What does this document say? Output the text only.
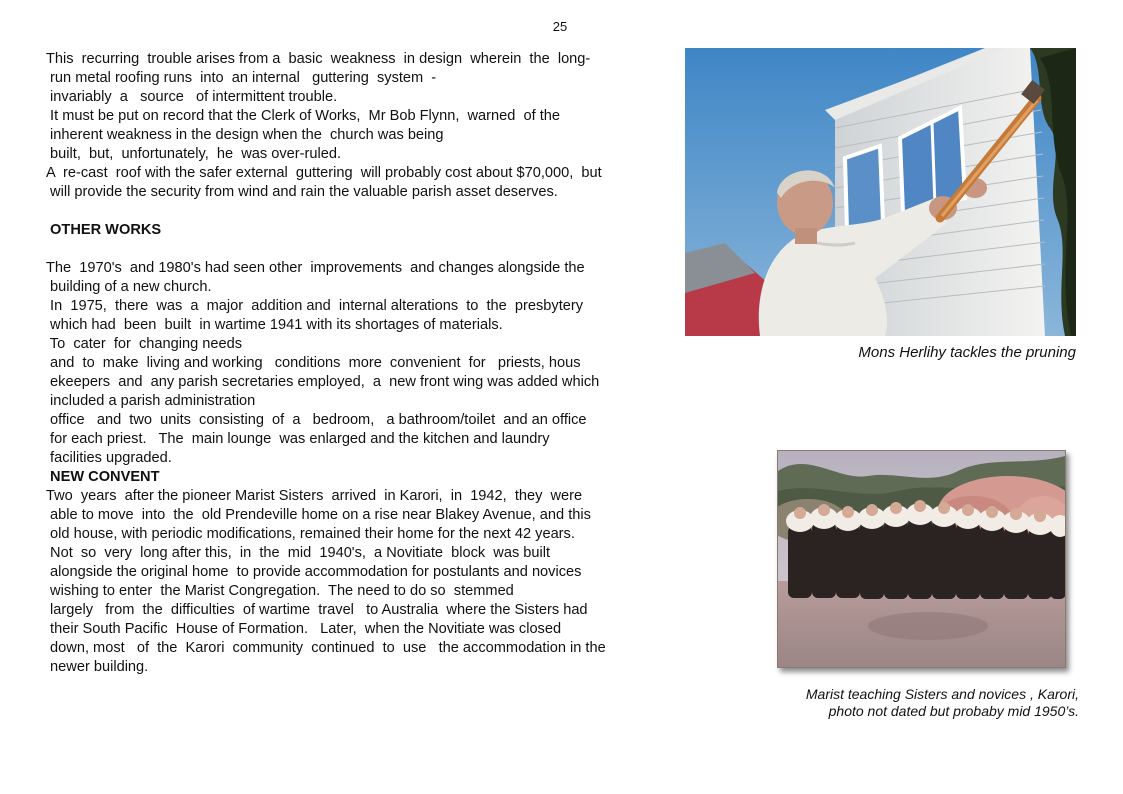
25
This  recurring  trouble arises from a  basic  weakness  in design  wherein  the  long-
run metal roofing runs  into  an internal   guttering  system  -
invariably  a   source   of intermittent trouble.
It must be put on record that the Clerk of Works,  Mr Bob Flynn,  warned  of the
inherent weakness in the design when the  church was being
built,  but,  unfortunately,  he  was over-ruled.
A  re-cast  roof with the safer external  guttering  will probably cost about $70,000,  but
will provide the security from wind and rain the valuable parish asset deserves.
OTHER WORKS
The  1970's  and 1980's had seen other  improvements  and changes alongside the
building of a new church.
In  1975,  there  was  a  major  addition and  internal alterations  to  the  presbytery
which had  been  built  in wartime 1941 with its shortages of materials.
To  cater  for  changing needs
and  to  make  living and working   conditions  more  convenient  for   priests, hous
ekeepers  and  any parish secretaries employed,  a  new front wing was added which
included a parish administration
office   and  two  units  consisting  of  a   bedroom,   a bathroom/toilet  and an office
for each priest.   The  main lounge  was enlarged and the kitchen and laundry
facilities upgraded.
NEW CONVENT
Two  years  after the pioneer Marist Sisters  arrived  in Karori,  in  1942,  they  were
able to move  into  the  old Prendeville home on a rise near Blakey Avenue, and this
old house, with periodic modifications, remained their home for the next 42 years.
Not  so  very  long after this,  in  the  mid  1940's,  a Novitiate  block  was built
alongside the original home  to provide accommodation for postulants and novices
wishing to enter  the Marist Congregation.  The need to do so  stemmed
largely   from  the  difficulties  of wartime  travel   to Australia  where the Sisters had
their South Pacific  House of Formation.   Later,  when the Novitiate was closed
down, most   of  the  Karori  community  continued  to  use   the accommodation in the
newer building.
Mons Herlihy tackles the pruning
Marist teaching Sisters and novices , Karori,
photo not dated but probaby mid 1950’s.
